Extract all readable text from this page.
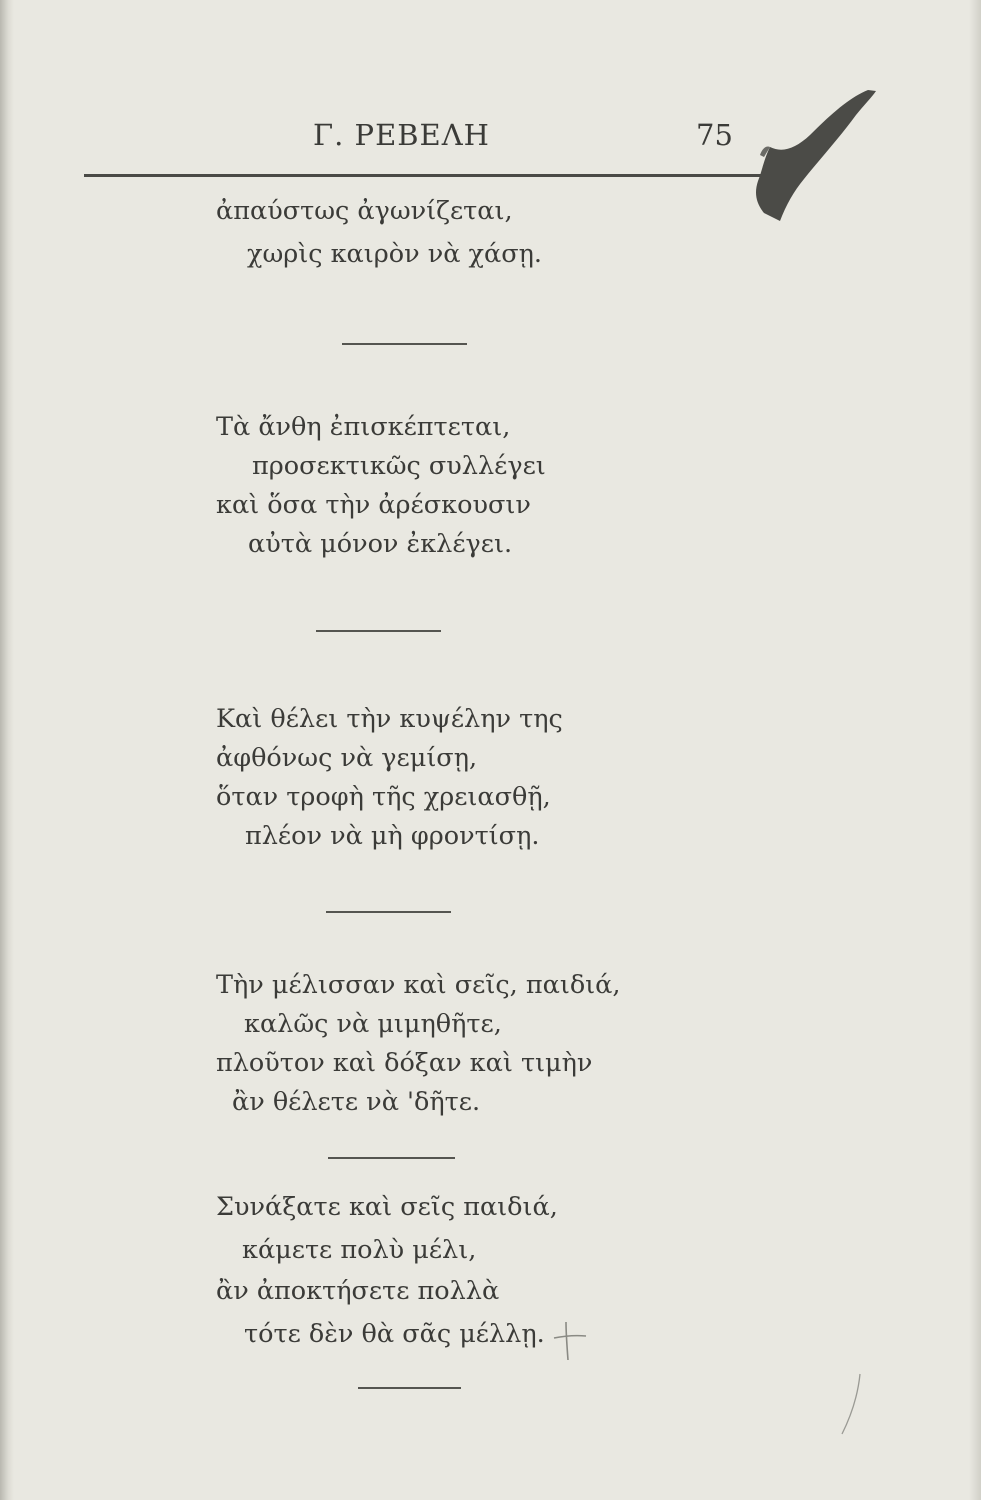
Γ. ΡΕΒΕΛΗ	75
ἀπαύστως ἀγωνίζεται,
χωρὶς καιρὸν νὰ χάσῃ.
Τὰ ἄνθη ἐπισκέπτεται,
προσεκτικῶς συλλέγει
καὶ ὅσα τὴν ἀρέσκουσιν
αὐτὰ μόνον ἐκλέγει.
Καὶ θέλει τὴν κυψέλην της
ἀφθόνως νὰ γεμίσῃ,
ὅταν τροφὴ τῆς χρειασθῇ,
πλέον νὰ μὴ φροντίσῃ.
Τὴν μέλισσαν καὶ σεῖς, παιδιά,
καλῶς νὰ μιμηθῆτε,
πλοῦτον καὶ δόξαν καὶ τιμὴν
ἂν θέλετε νὰ 'δῆτε.
Συνάξατε καὶ σεῖς παιδιά,
κάμετε πολὺ μέλι,
ἂν ἀποκτήσετε πολλὰ
τότε δὲν θὰ σᾶς μέλλῃ.
